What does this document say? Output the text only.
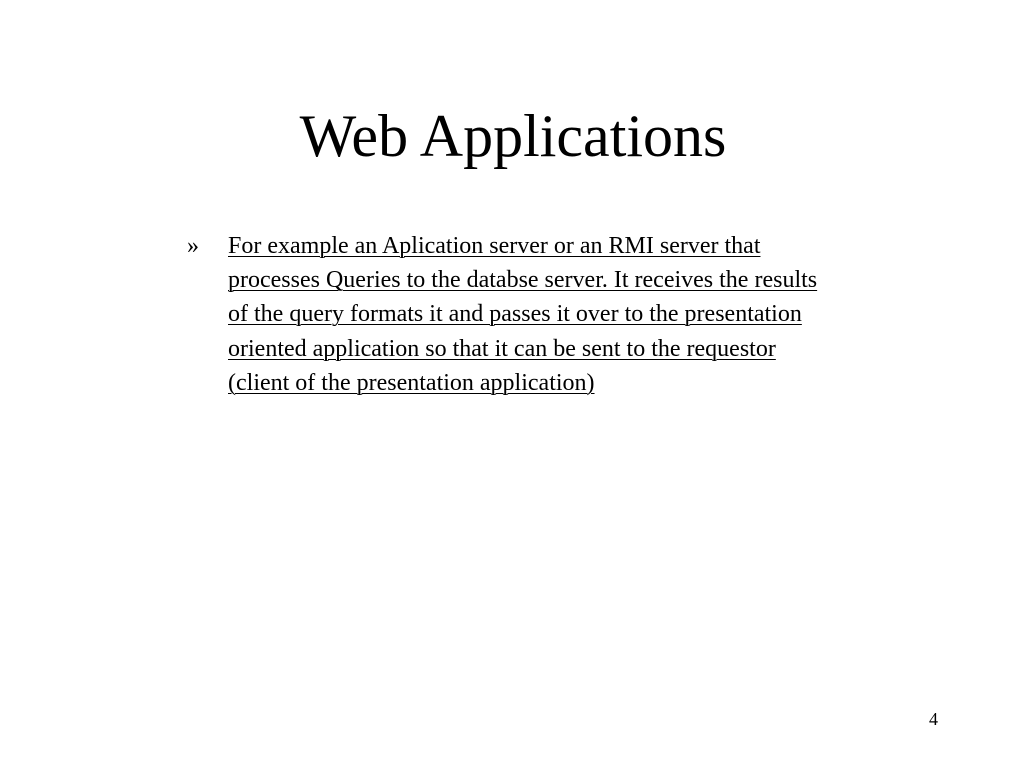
Web Applications
»	For example an Aplication server or an RMI server that
processes Queries to the databse server. It receives the results
of the query formats it and passes it over to the presentation
oriented application so that it can be sent to the requestor
(client of the presentation application)
4
